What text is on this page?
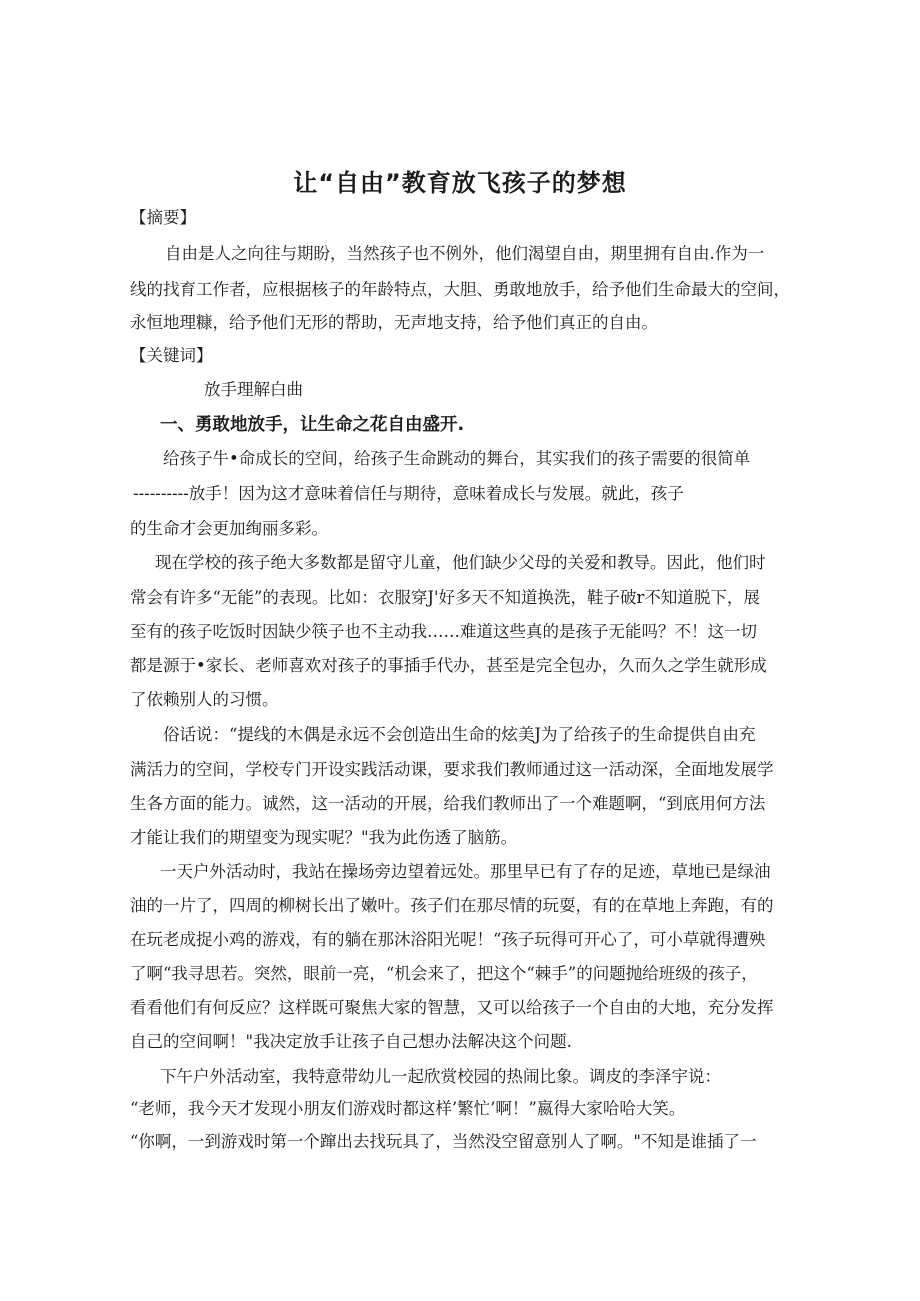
让“自由”教育放飞孩子的梦想
【摘要】
自由是人之向往与期盼，当然孩子也不例外，他们渴望自由，期里拥有自由.作为一
线的找育工作者，应根据核子的年龄特点，大胆、勇敢地放手，给予他们生命最大的空间，
永恒地理糠，给予他们无形的帮助，无声地支持，给予他们真正的自由。
【关键词】
放手理解白曲
一、勇敢地放手，让生命之花自由盛开.
给孩子牛•命成长的空间，给孩子生命跳动的舞台，其实我们的孩子需要的很简单
----------放手！因为这才意味着信任与期待，意味着成长与发展。就此，孩子
的生命才会更加绚丽多彩。
现在学校的孩子绝大多数都是留守儿童，他们缺少父母的关爱和教导。因此，他们时
常会有许多“无能”的表现。比如：衣服穿J'好多天不知道换洗，鞋子破r不知道脱下，展
至有的孩子吃饭时因缺少筷子也不主动我……难道这些真的是孩子无能吗？不！这一切
都是源于•家长、老师喜欢对孩子的事插手代办，甚至是完全包办，久而久之学生就形成
了依赖别人的习惯。
俗话说：“提线的木偶是永远不会创造出生命的炫美J为了给孩子的生命提供自由充
满活力的空间，学校专门开设实践活动课，要求我们教师通过这一活动深，全面地发展学
生各方面的能力。诚然，这一活动的开展，给我们教师出了一个难题啊，“到底用何方法
才能让我们的期望变为现实呢？"我为此伤透了脑筋。
一天户外活动时，我站在操场旁边望着远处。那里早已有了存的足迹，草地已是绿油
油的一片了，四周的柳树长出了嫩叶。孩子们在那尽情的玩耍，有的在草地上奔跑，有的
在玩老成捉小鸡的游戏，有的躺在那沐浴阳光呢！“孩子玩得可开心了，可小草就得遭殃
了啊“我寻思若。突然，眼前一亮，“机会来了，把这个“棘手”的问题抛给班级的孩子，
看看他们有何反应？这样既可聚焦大家的智慧，又可以给孩子一个自由的大地，充分发挥
自己的空间啊！"我决定放手让孩子自己想办法解决这个问题.
下午户外活动室，我特意带幼儿一起欣赏校园的热闹比象。调皮的李泽宇说：
“老师，我今天才发现小朋友们游戏时都这样’繁忙’啊！”嬴得大家哈哈大笑。
“你啊，一到游戏时第一个蹿出去找玩具了，当然没空留意别人了啊。"不知是谁插了一
